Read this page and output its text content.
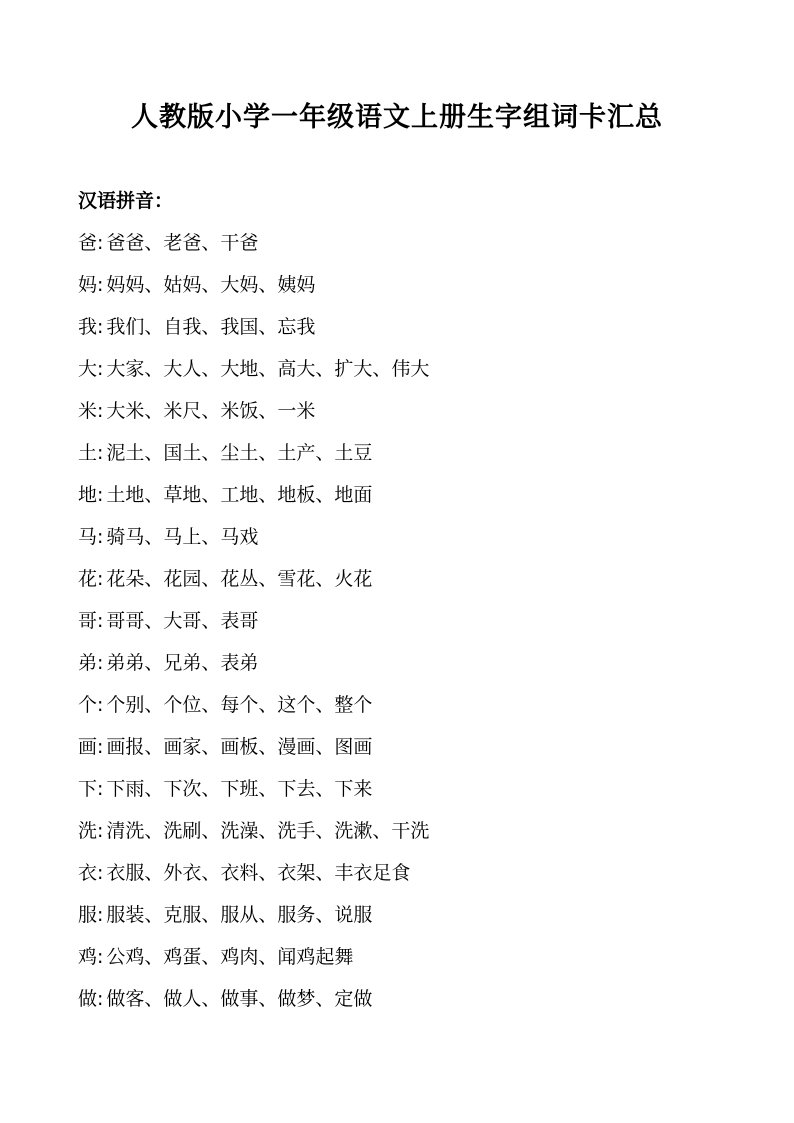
人教版小学一年级语文上册生字组词卡汇总
汉语拼音：
爸: 爸爸、老爸、干爸
妈: 妈妈、姑妈、大妈、姨妈
我: 我们、自我、我国、忘我
大: 大家、大人、大地、高大、扩大、伟大
米: 大米、米尺、米饭、一米
土: 泥土、国土、尘土、土产、土豆
地: 土地、草地、工地、地板、地面
马: 骑马、马上、马戏
花: 花朵、花园、花丛、雪花、火花
哥: 哥哥、大哥、表哥
弟: 弟弟、兄弟、表弟
个: 个别、个位、每个、这个、整个
画: 画报、画家、画板、漫画、图画
下: 下雨、下次、下班、下去、下来
洗: 清洗、洗刷、洗澡、洗手、洗漱、干洗
衣: 衣服、外衣、衣料、衣架、丰衣足食
服: 服装、克服、服从、服务、说服
鸡: 公鸡、鸡蛋、鸡肉、闻鸡起舞
做: 做客、做人、做事、做梦、定做
